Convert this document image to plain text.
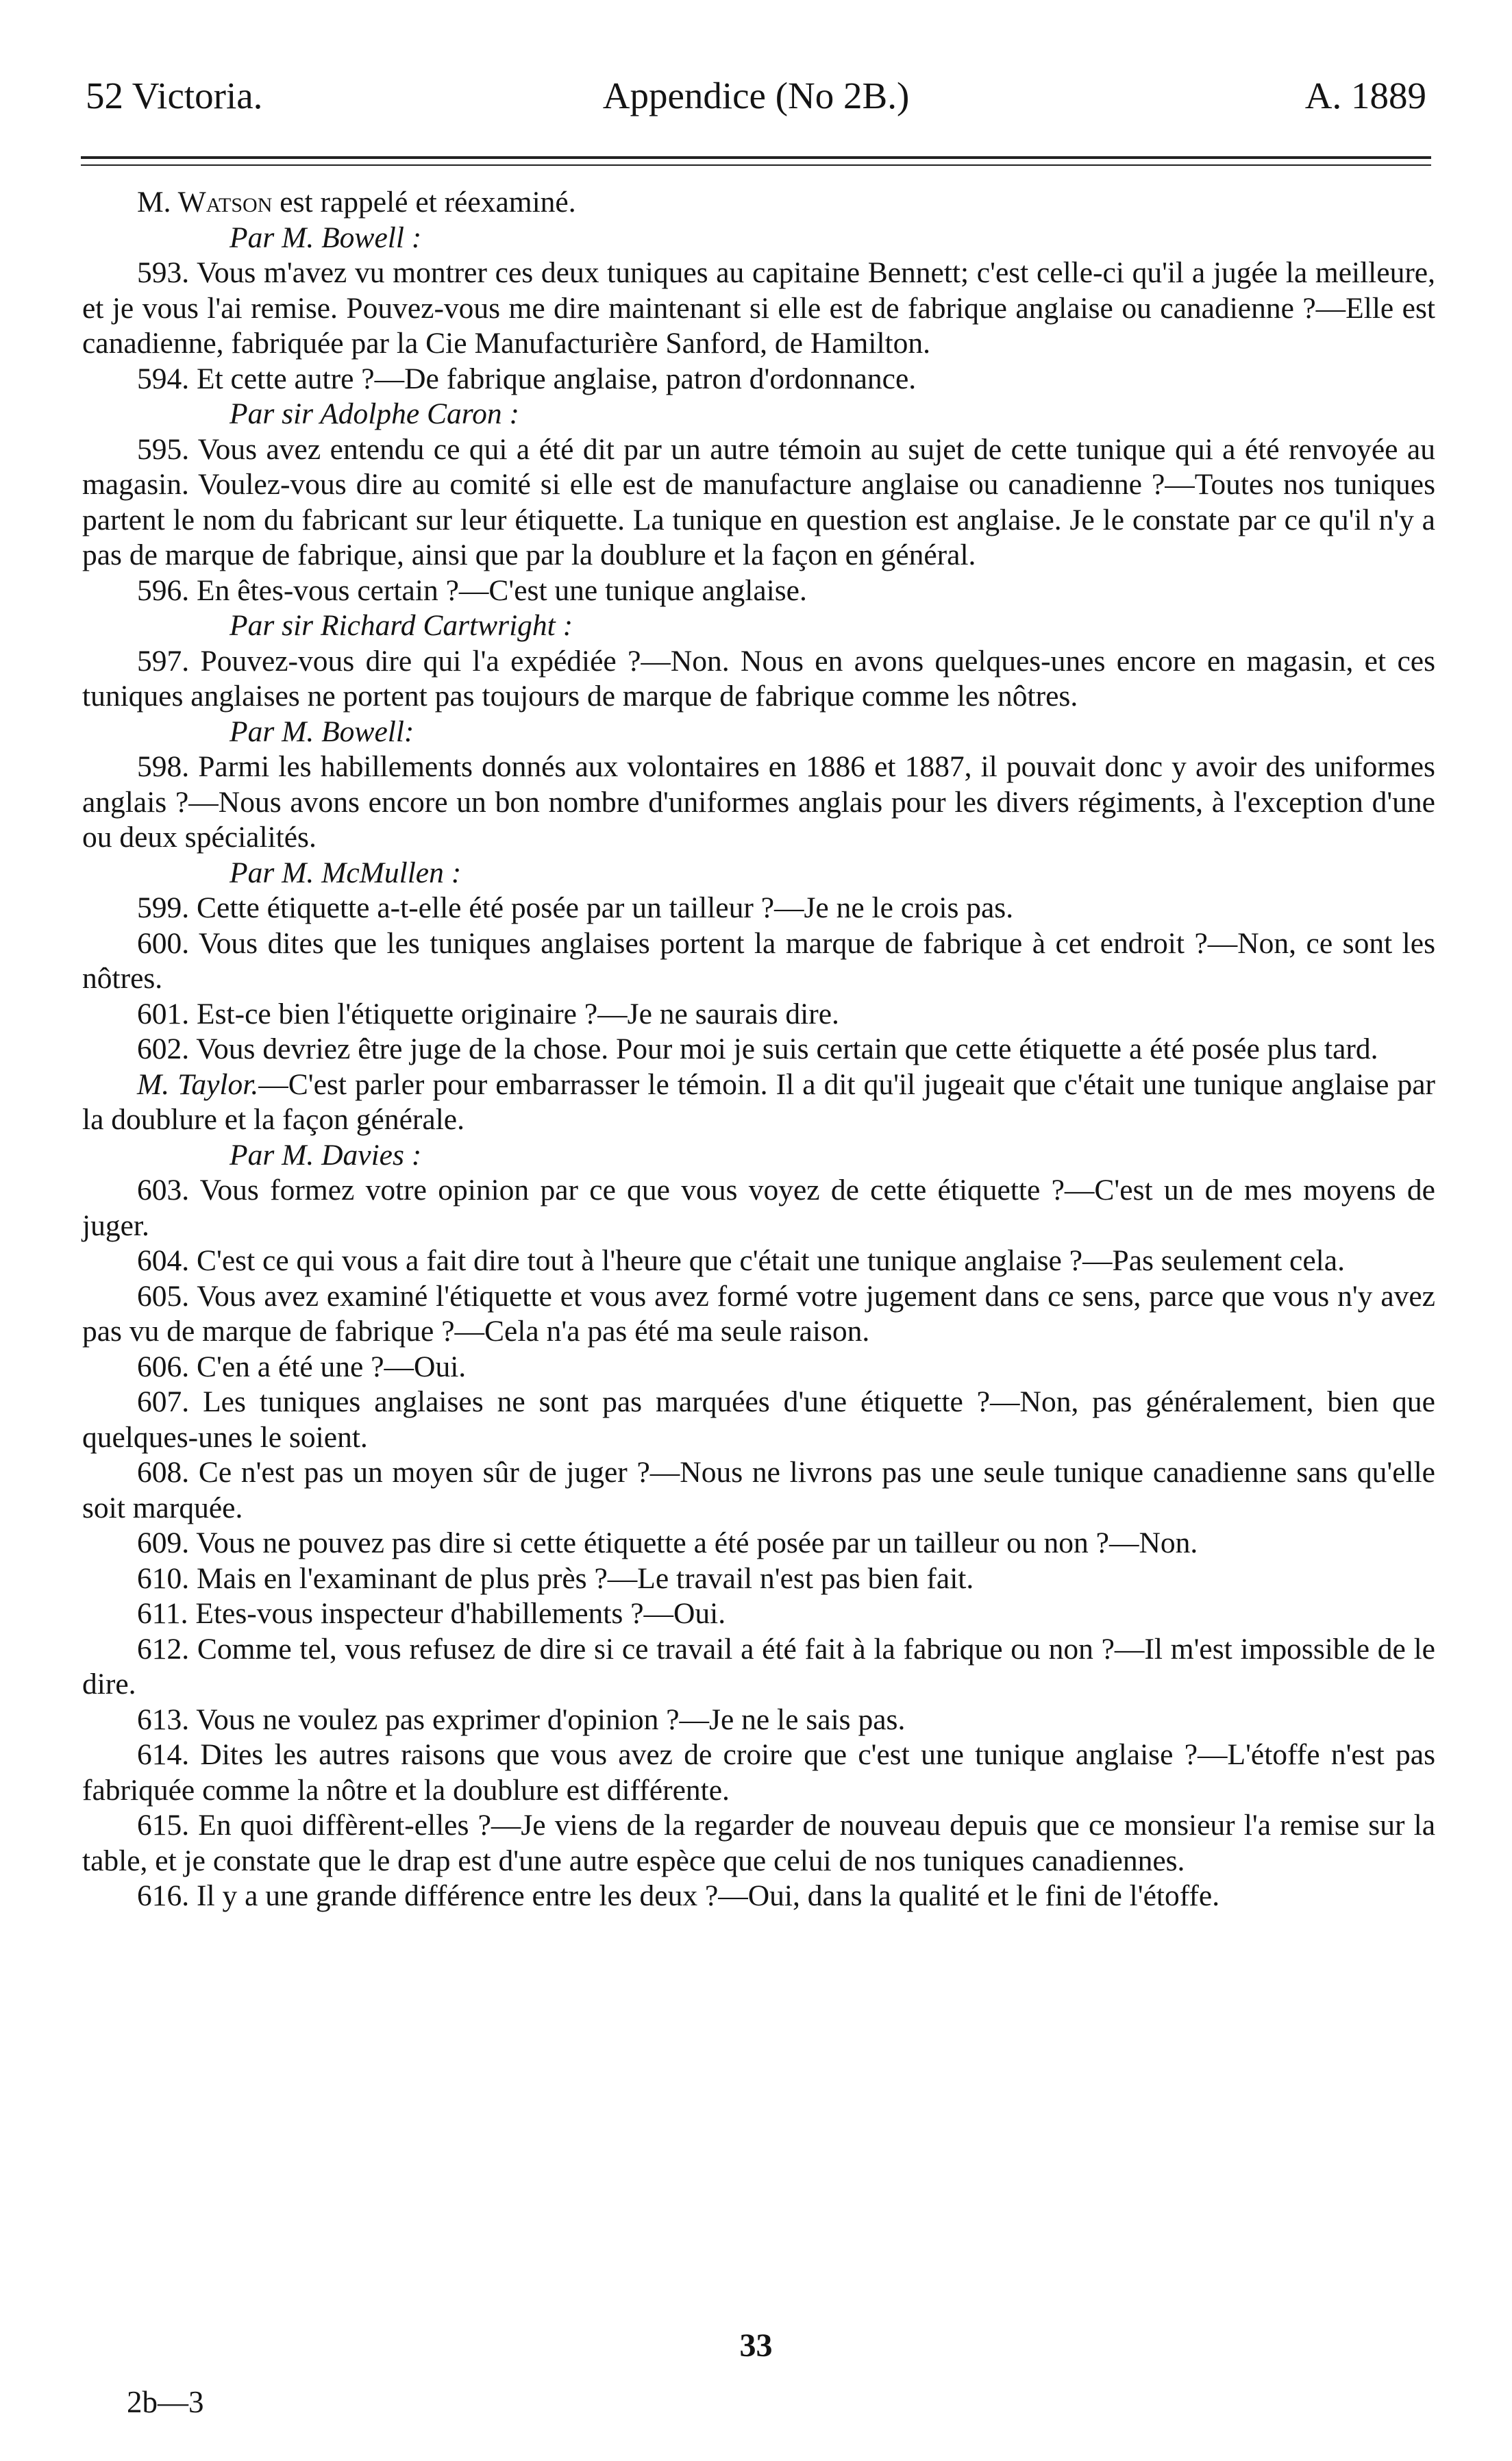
52 Victoria.	Appendice (No 2B.)	A. 1889

M. Watson est rappelé et réexaminé.

Par M. Bowell :

593. Vous m'avez vu montrer ces deux tuniques au capitaine Bennett; c'est celle-ci qu'il a jugée la meilleure, et je vous l'ai remise. Pouvez-vous me dire maintenant si elle est de fabrique anglaise ou canadienne ?—Elle est canadienne, fabriquée par la Cie Manufacturière Sanford, de Hamilton.

594. Et cette autre ?—De fabrique anglaise, patron d'ordonnance.

Par sir Adolphe Caron :

595. Vous avez entendu ce qui a été dit par un autre témoin au sujet de cette tunique qui a été renvoyée au magasin. Voulez-vous dire au comité si elle est de manufacture anglaise ou canadienne ?—Toutes nos tuniques partent le nom du fabricant sur leur étiquette. La tunique en question est anglaise. Je le constate par ce qu'il n'y a pas de marque de fabrique, ainsi que par la doublure et la façon en général.

596. En êtes-vous certain ?—C'est une tunique anglaise.

Par sir Richard Cartwright :

597. Pouvez-vous dire qui l'a expédiée ?—Non. Nous en avons quelques-unes encore en magasin, et ces tuniques anglaises ne portent pas toujours de marque de fabrique comme les nôtres.

Par M. Bowell:

598. Parmi les habillements donnés aux volontaires en 1886 et 1887, il pouvait donc y avoir des uniformes anglais ?—Nous avons encore un bon nombre d'uniformes anglais pour les divers régiments, à l'exception d'une ou deux spécialités.

Par M. McMullen :

599. Cette étiquette a-t-elle été posée par un tailleur ?—Je ne le crois pas.

600. Vous dites que les tuniques anglaises portent la marque de fabrique à cet endroit ?—Non, ce sont les nôtres.

601. Est-ce bien l'étiquette originaire ?—Je ne saurais dire.

602. Vous devriez être juge de la chose. Pour moi je suis certain que cette étiquette a été posée plus tard.

M. Taylor.—C'est parler pour embarrasser le témoin. Il a dit qu'il jugeait que c'était une tunique anglaise par la doublure et la façon générale.

Par M. Davies :

603. Vous formez votre opinion par ce que vous voyez de cette étiquette ?—C'est un de mes moyens de juger.

604. C'est ce qui vous a fait dire tout à l'heure que c'était une tunique anglaise ?—Pas seulement cela.

605. Vous avez examiné l'étiquette et vous avez formé votre jugement dans ce sens, parce que vous n'y avez pas vu de marque de fabrique ?—Cela n'a pas été ma seule raison.

606. C'en a été une ?—Oui.

607. Les tuniques anglaises ne sont pas marquées d'une étiquette ?—Non, pas généralement, bien que quelques-unes le soient.

608. Ce n'est pas un moyen sûr de juger ?—Nous ne livrons pas une seule tunique canadienne sans qu'elle soit marquée.

609. Vous ne pouvez pas dire si cette étiquette a été posée par un tailleur ou non ?—Non.

610. Mais en l'examinant de plus près ?—Le travail n'est pas bien fait.

611. Etes-vous inspecteur d'habillements ?—Oui.

612. Comme tel, vous refusez de dire si ce travail a été fait à la fabrique ou non ?—Il m'est impossible de le dire.

613. Vous ne voulez pas exprimer d'opinion ?—Je ne le sais pas.

614. Dites les autres raisons que vous avez de croire que c'est une tunique anglaise ?—L'étoffe n'est pas fabriquée comme la nôtre et la doublure est différente.

615. En quoi diffèrent-elles ?—Je viens de la regarder de nouveau depuis que ce monsieur l'a remise sur la table, et je constate que le drap est d'une autre espèce que celui de nos tuniques canadiennes.

616. Il y a une grande différence entre les deux ?—Oui, dans la qualité et le fini de l'étoffe.

33
2b—3
